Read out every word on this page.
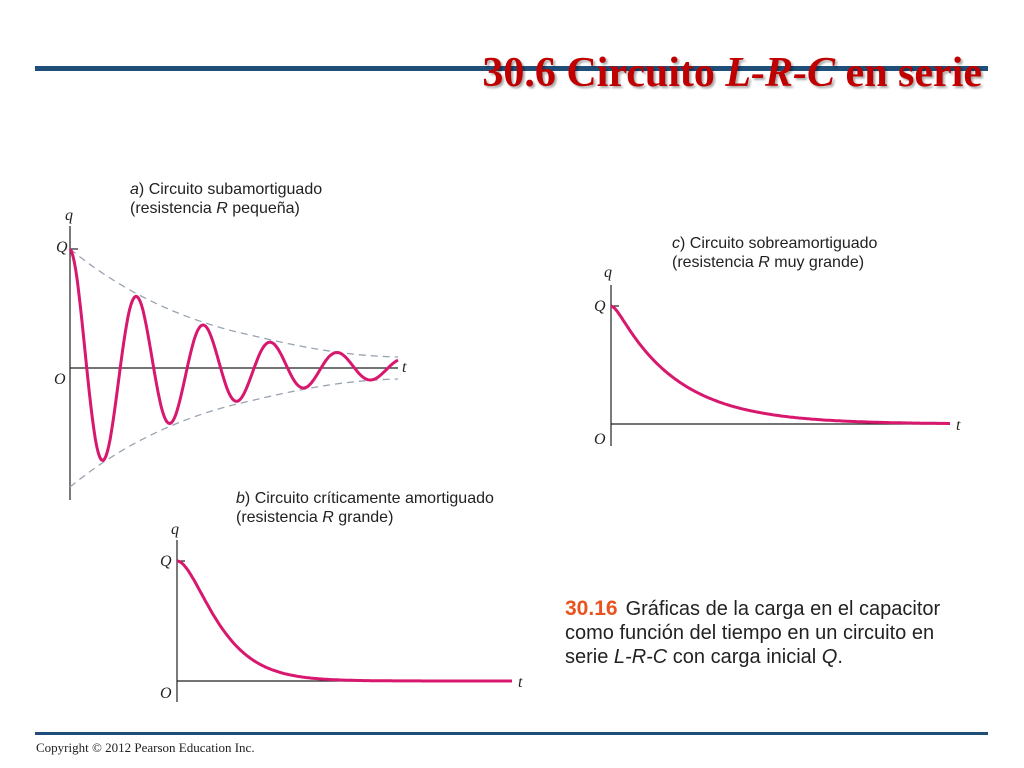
30.6 Circuito L-R-C en serie
q
Q
O
t
q
Q
O
t
q
Q
O
t
a) Circuito subamortiguado
(resistencia R pequeña)
b) Circuito críticamente amortiguado
(resistencia R grande)
c) Circuito sobreamortiguado
(resistencia R muy grande)
30.16 Gráficas de la carga en el capacitor
como función del tiempo en un circuito en
serie L-R-C con carga inicial Q.
Copyright © 2012 Pearson Education Inc.
